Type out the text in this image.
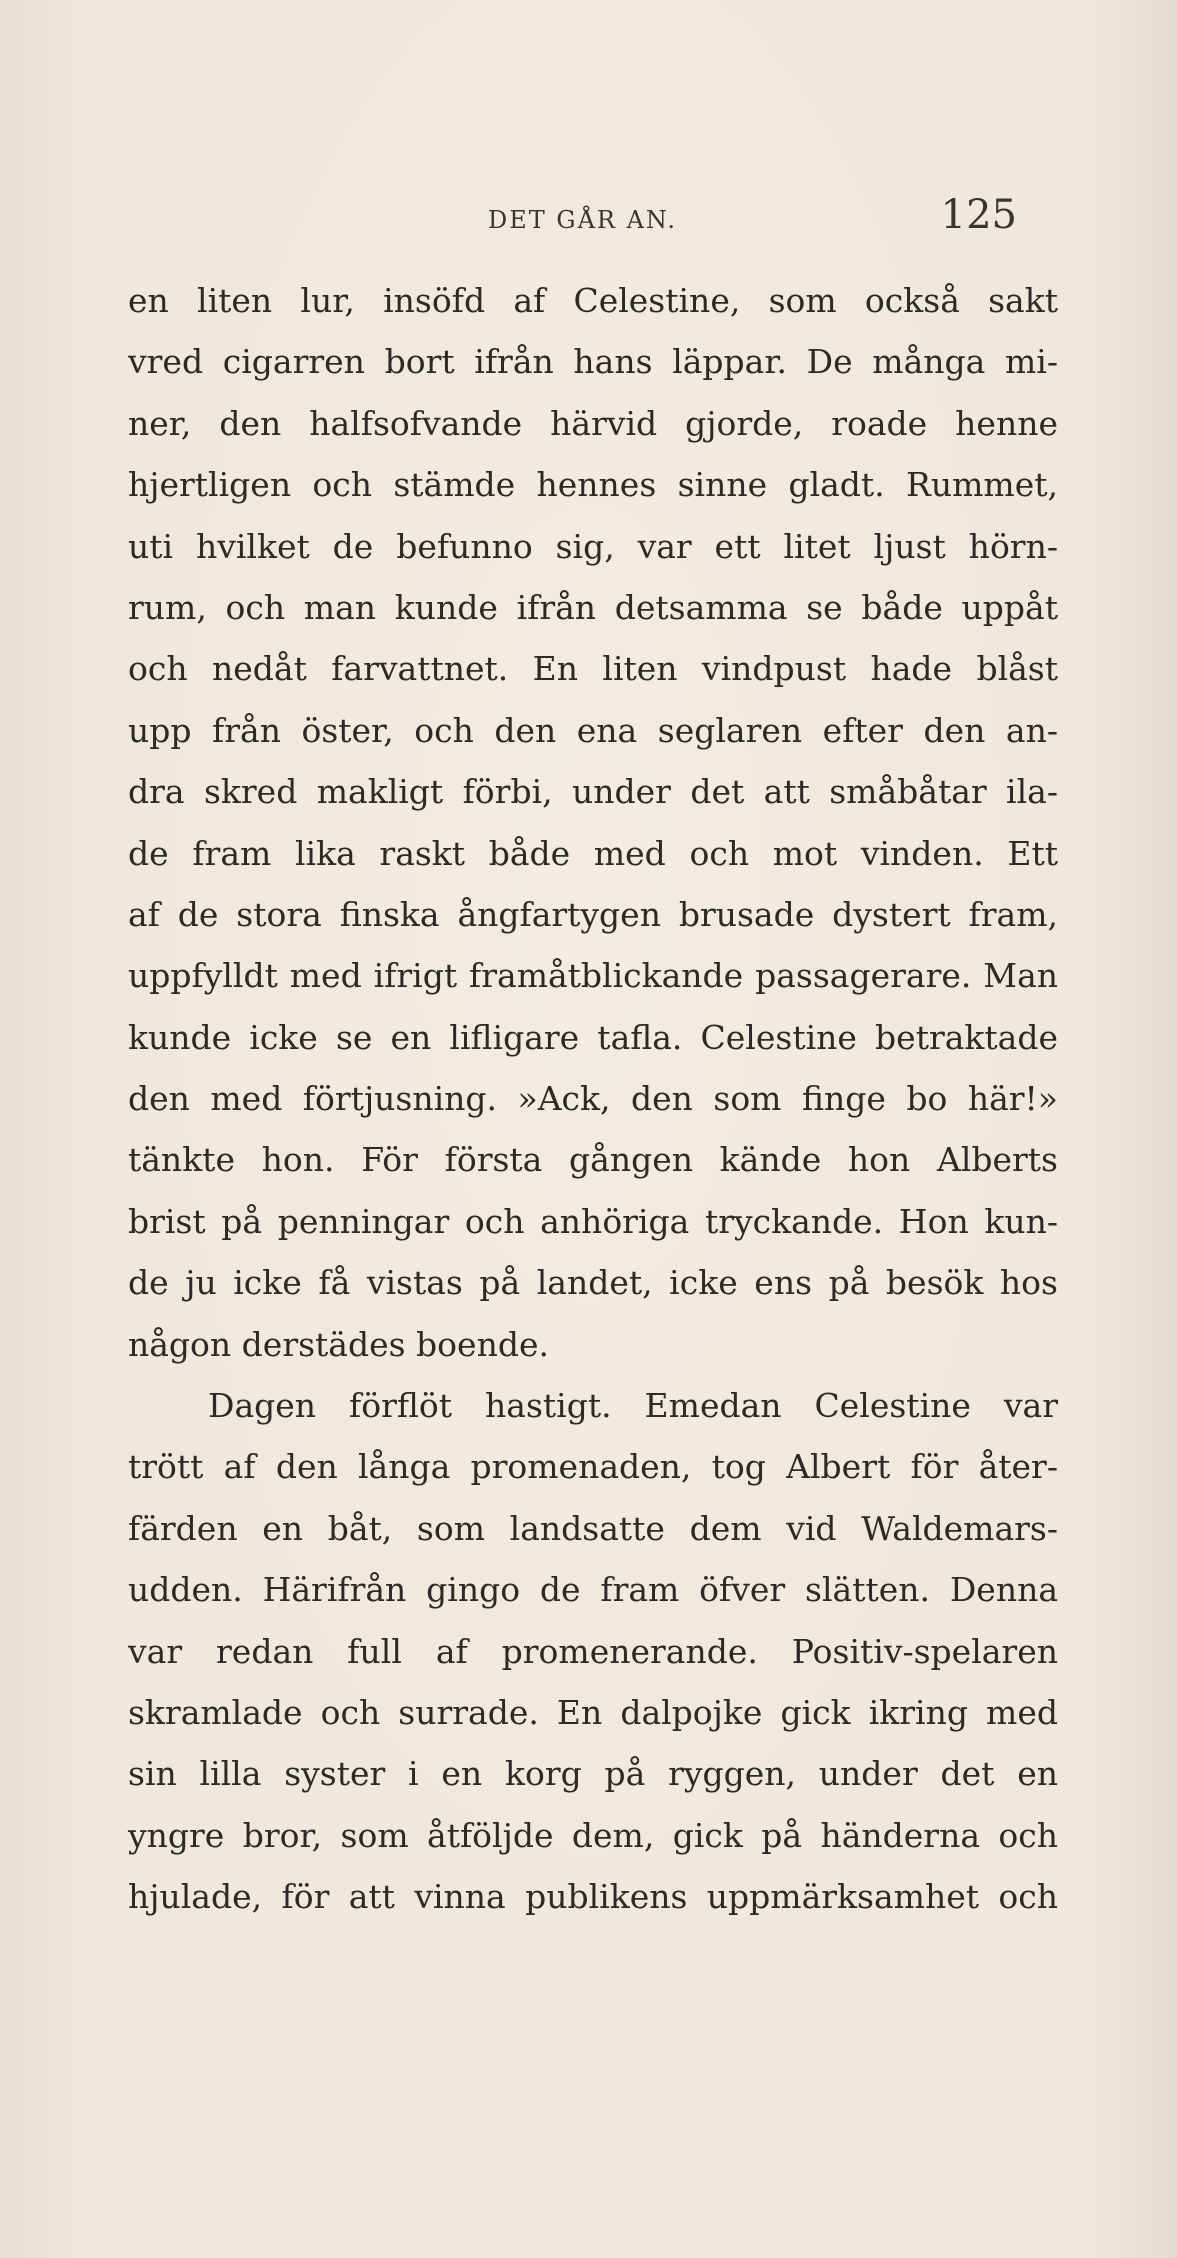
DET GÅR AN.	125
en liten lur, insöfd af Celestine, som också sakt
vred cigarren bort ifrån hans läppar. De många mi-
ner, den halfsofvande härvid gjorde, roade henne
hjertligen och stämde hennes sinne gladt. Rummet,
uti hvilket de befunno sig, var ett litet ljust hörn-
rum, och man kunde ifrån detsamma se både uppåt
och nedåt farvattnet. En liten vindpust hade blåst
upp från öster, och den ena seglaren efter den an-
dra skred makligt förbi, under det att småbåtar ila-
de fram lika raskt både med och mot vinden. Ett
af de stora finska ångfartygen brusade dystert fram,
uppfylldt med ifrigt framåtblickande passagerare. Man
kunde icke se en lifligare tafla. Celestine betraktade
den med förtjusning. »Ack, den som finge bo här!»
tänkte hon. För första gången kände hon Alberts
brist på penningar och anhöriga tryckande. Hon kun-
de ju icke få vistas på landet, icke ens på besök hos
någon derstädes boende.
Dagen förflöt hastigt. Emedan Celestine var
trött af den långa promenaden, tog Albert för åter-
färden en båt, som landsatte dem vid Waldemars-
udden. Härifrån gingo de fram öfver slätten. Denna
var redan full af promenerande. Positiv-spelaren
skramlade och surrade. En dalpojke gick ikring med
sin lilla syster i en korg på ryggen, under det en
yngre bror, som åtföljde dem, gick på händerna och
hjulade, för att vinna publikens uppmärksamhet och
